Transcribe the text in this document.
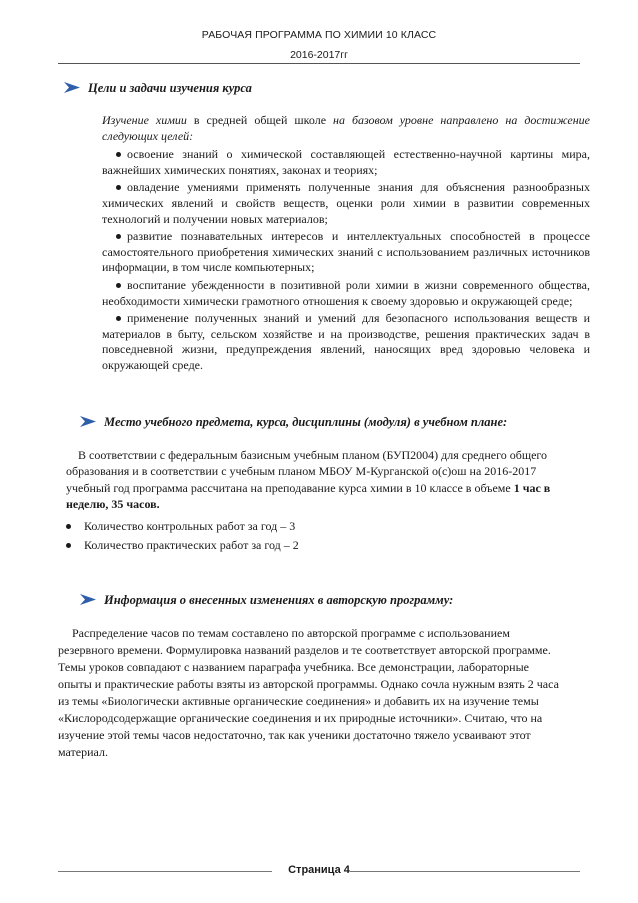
РАБОЧАЯ ПРОГРАММА ПО ХИМИИ 10 КЛАСС
2016-2017гг
Цели и задачи изучения курса

Изучение химии в средней общей школе на базовом уровне направлено на достижение следующих целей:

освоение знаний о химической составляющей естественно-научной картины мира, важнейших химических понятиях, законах и теориях;

овладение умениями применять полученные знания для объяснения разнообразных химических явлений и свойств веществ, оценки роли химии в развитии современных технологий и получении новых материалов;

развитие познавательных интересов и интеллектуальных способностей в процессе самостоятельного приобретения химических знаний с использованием различных источников информации, в том числе компьютерных;

воспитание убежденности в позитивной роли химии в жизни современного общества, необходимости химически грамотного отношения к своему здоровью и окружающей среде;

применение полученных знаний и умений для безопасного использования веществ и материалов в быту, сельском хозяйстве и на производстве, решения практических задач в повседневной жизни, предупреждения явлений, наносящих вред здоровью человека и окружающей среде.

Место учебного предмета, курса, дисциплины (модуля) в учебном плане:
В соответствии с федеральным базисным учебным планом (БУП2004) для среднего общего образования и в соответствии с учебным планом МБОУ М-Курганской о(с)ош на 2016-2017 учебный год программа рассчитана на преподавание курса химии в 10 классе в объеме 1 час в неделю, 35 часов.
Количество контрольных работ за год – 3
Количество практических работ за год – 2
Информация о внесенных изменениях в авторскую программу:
Распределение часов по темам составлено по авторской программе с использованием резервного времени. Формулировка названий разделов и те соответствует авторской программе. Темы уроков совпадают с названием параграфа учебника. Все демонстрации, лабораторные опыты и практические работы взяты из авторской программы. Однако сочла нужным взять 2 часа из темы «Биологически активные органические соединения» и добавить их на изучение темы «Кислородсодержащие органические соединения и их природные источники». Считаю, что на изучение этой темы часов недостаточно, так как ученики достаточно тяжело усваивают этот материал.
Страница 4
